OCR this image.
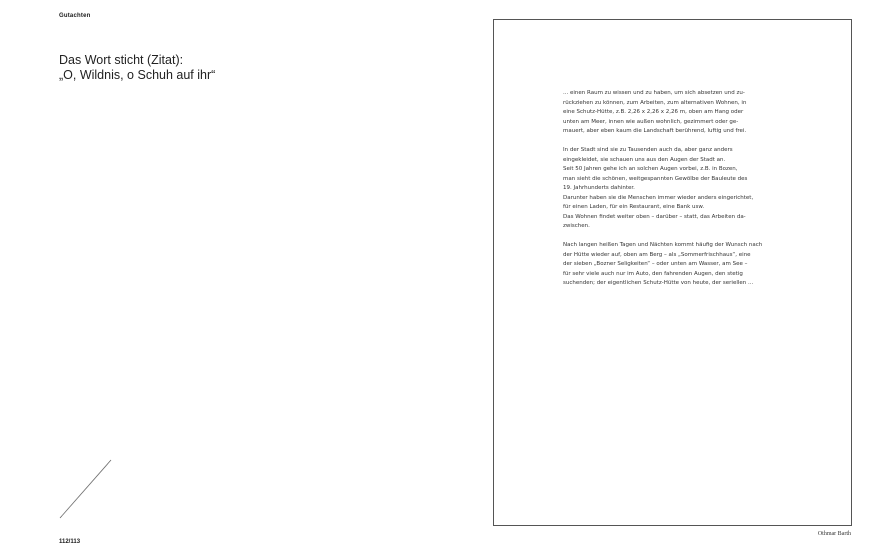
Gutachten
Das Wort sticht (Zitat):
„O, Wildnis, o Schuh auf ihr“
112/113
... einen Raum zu wissen und zu haben, um sich absetzen und zu-
rückziehen zu können, zum Arbeiten, zum alternativen Wohnen, in
eine Schutz-Hütte, z.B. 2,26 x 2,26 x 2,26 m, oben am Hang oder
unten am Meer, innen wie außen wohnlich, gezimmert oder ge-
mauert, aber eben kaum die Landschaft berührend, luftig und frei.
In der Stadt sind sie zu Tausenden auch da, aber ganz anders
eingekleidet, sie schauen uns aus den Augen der Stadt an.
Seit 50 Jahren gehe ich an solchen Augen vorbei, z.B. in Bozen,
man sieht die schönen, weitgespannten Gewölbe der Bauleute des
19. Jahrhunderts dahinter.
Darunter haben sie die Menschen immer wieder anders eingerichtet,
für einen Laden, für ein Restaurant, eine Bank usw.
Das Wohnen findet weiter oben – darüber – statt, das Arbeiten da-
zwischen.
Nach langen heißen Tagen und Nächten kommt häufig der Wunsch nach
der Hütte wieder auf, oben am Berg – als „Sommerfrischhaus“, eine
der sieben „Bozner Seligkeiten“ – oder unten am Wasser, am See –
für sehr viele auch nur im Auto, den fahrenden Augen, den stetig
suchenden; der eigentlichen Schutz-Hütte von heute, der seriellen ...
Othmar Barth
